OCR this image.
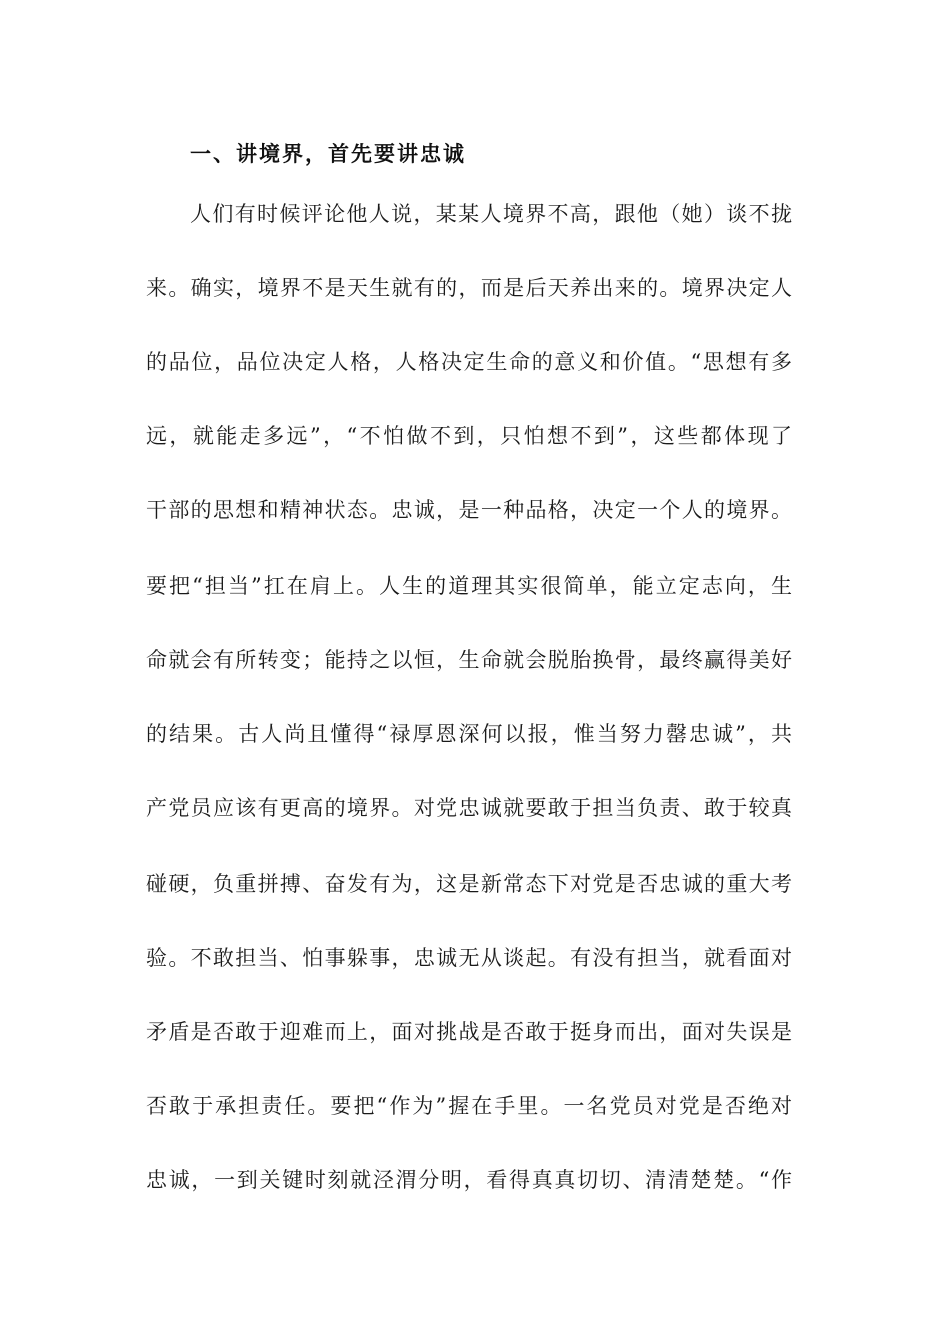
一、讲境界，首先要讲忠诚
人们有时候评论他人说，某某人境界不高，跟他（她）谈不拢
来。确实，境界不是天生就有的，而是后天养出来的。境界决定人
的品位，品位决定人格，人格决定生命的意义和价值。“思想有多
远，就能走多远”，“不怕做不到，只怕想不到”，这些都体现了
干部的思想和精神状态。忠诚，是一种品格，决定一个人的境界。
要把“担当”扛在肩上。人生的道理其实很简单，能立定志向，生
命就会有所转变；能持之以恒，生命就会脱胎换骨，最终赢得美好
的结果。古人尚且懂得“禄厚恩深何以报，惟当努力罄忠诚”，共
产党员应该有更高的境界。对党忠诚就要敢于担当负责、敢于较真
碰硬，负重拼搏、奋发有为，这是新常态下对党是否忠诚的重大考
验。不敢担当、怕事躲事，忠诚无从谈起。有没有担当，就看面对
矛盾是否敢于迎难而上，面对挑战是否敢于挺身而出，面对失误是
否敢于承担责任。要把“作为”握在手里。一名党员对党是否绝对
忠诚，一到关键时刻就泾渭分明，看得真真切切、清清楚楚。“作
